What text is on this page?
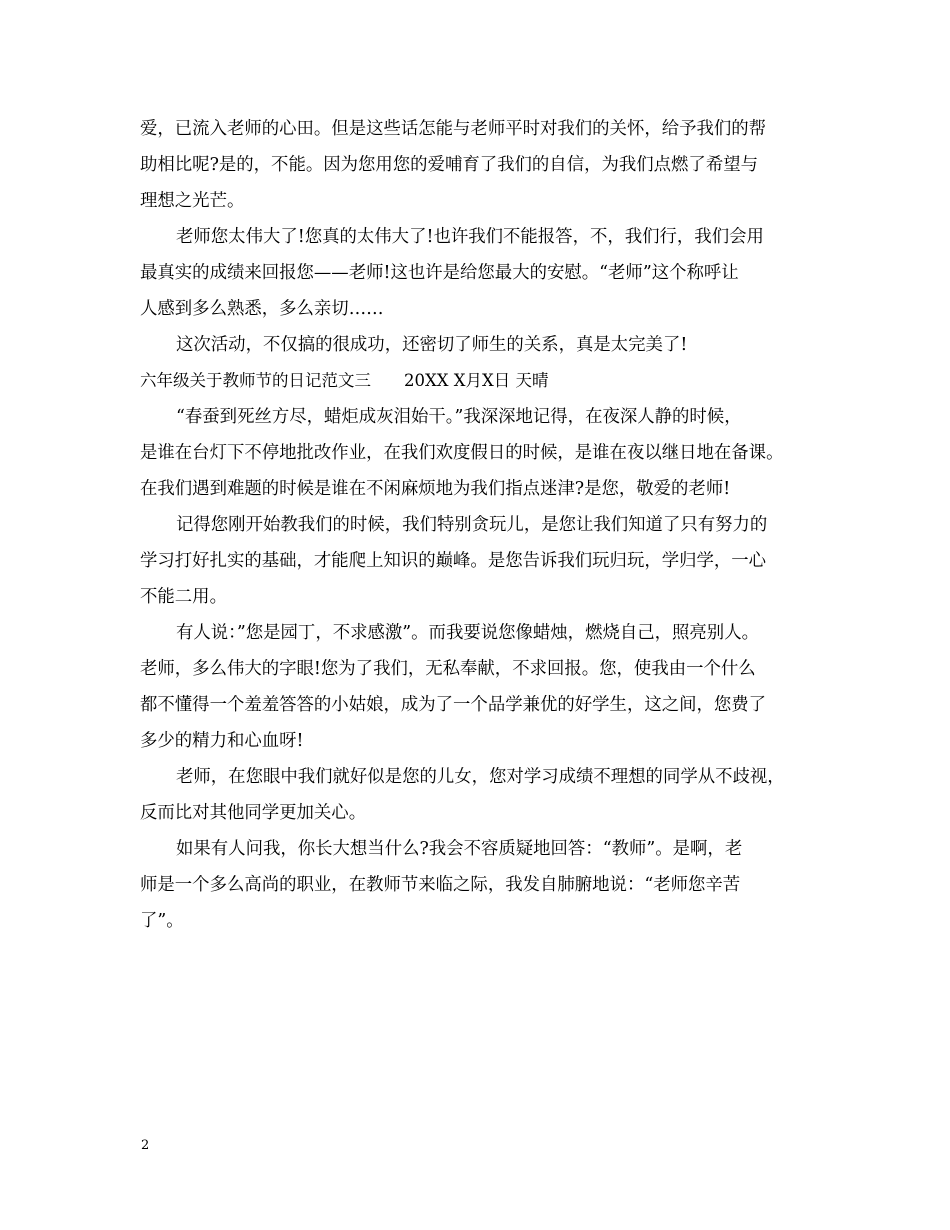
爱，已流入老师的心田。但是这些话怎能与老师平时对我们的关怀，给予我们的帮
助相比呢?是的，不能。因为您用您的爱哺育了我们的自信，为我们点燃了希望与
理想之光芒。
老师您太伟大了!您真的太伟大了!也许我们不能报答，不，我们行，我们会用
最真实的成绩来回报您——老师!这也许是给您最大的安慰。“老师”这个称呼让
人感到多么熟悉，多么亲切……
这次活动，不仅搞的很成功，还密切了师生的关系，真是太完美了!
六年级关于教师节的日记范文三　　20XX X月X日 天晴
“春蚕到死丝方尽，蜡炬成灰泪始干。”我深深地记得，在夜深人静的时候，
是谁在台灯下不停地批改作业，在我们欢度假日的时候，是谁在夜以继日地在备课。
在我们遇到难题的时候是谁在不闲麻烦地为我们指点迷津?是您，敬爱的老师!
记得您刚开始教我们的时候，我们特别贪玩儿，是您让我们知道了只有努力的
学习打好扎实的基础，才能爬上知识的巅峰。是您告诉我们玩归玩，学归学，一心
不能二用。
有人说：”您是园丁，不求感激”。而我要说您像蜡烛，燃烧自己，照亮别人。
老师，多么伟大的字眼!您为了我们，无私奉献，不求回报。您，使我由一个什么
都不懂得一个羞羞答答的小姑娘，成为了一个品学兼优的好学生，这之间，您费了
多少的精力和心血呀!
老师，在您眼中我们就好似是您的儿女，您对学习成绩不理想的同学从不歧视，
反而比对其他同学更加关心。
如果有人问我，你长大想当什么?我会不容质疑地回答：“教师”。是啊，老
师是一个多么高尚的职业，在教师节来临之际，我发自肺腑地说：“老师您辛苦
了”。
2
